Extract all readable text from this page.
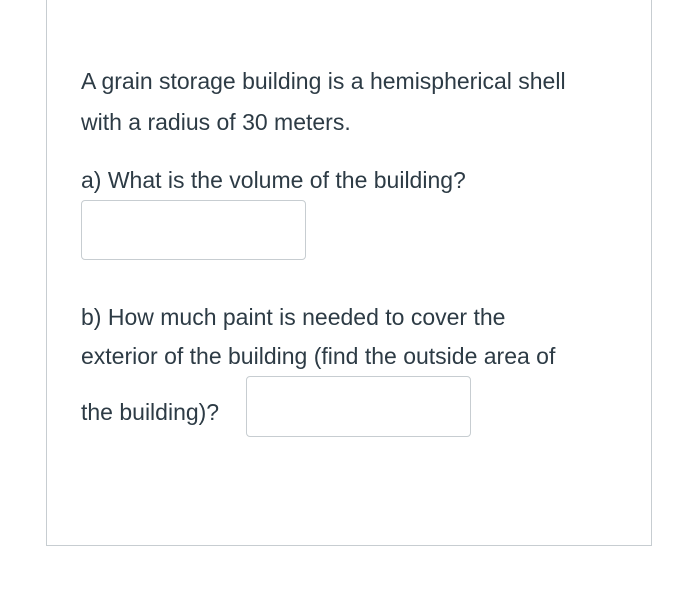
A grain storage building is a hemispherical shell
with a radius of 30 meters.
a) What is the volume of the building?
b) How much paint is needed to cover the
exterior of the building (find the outside area of
the building)?
